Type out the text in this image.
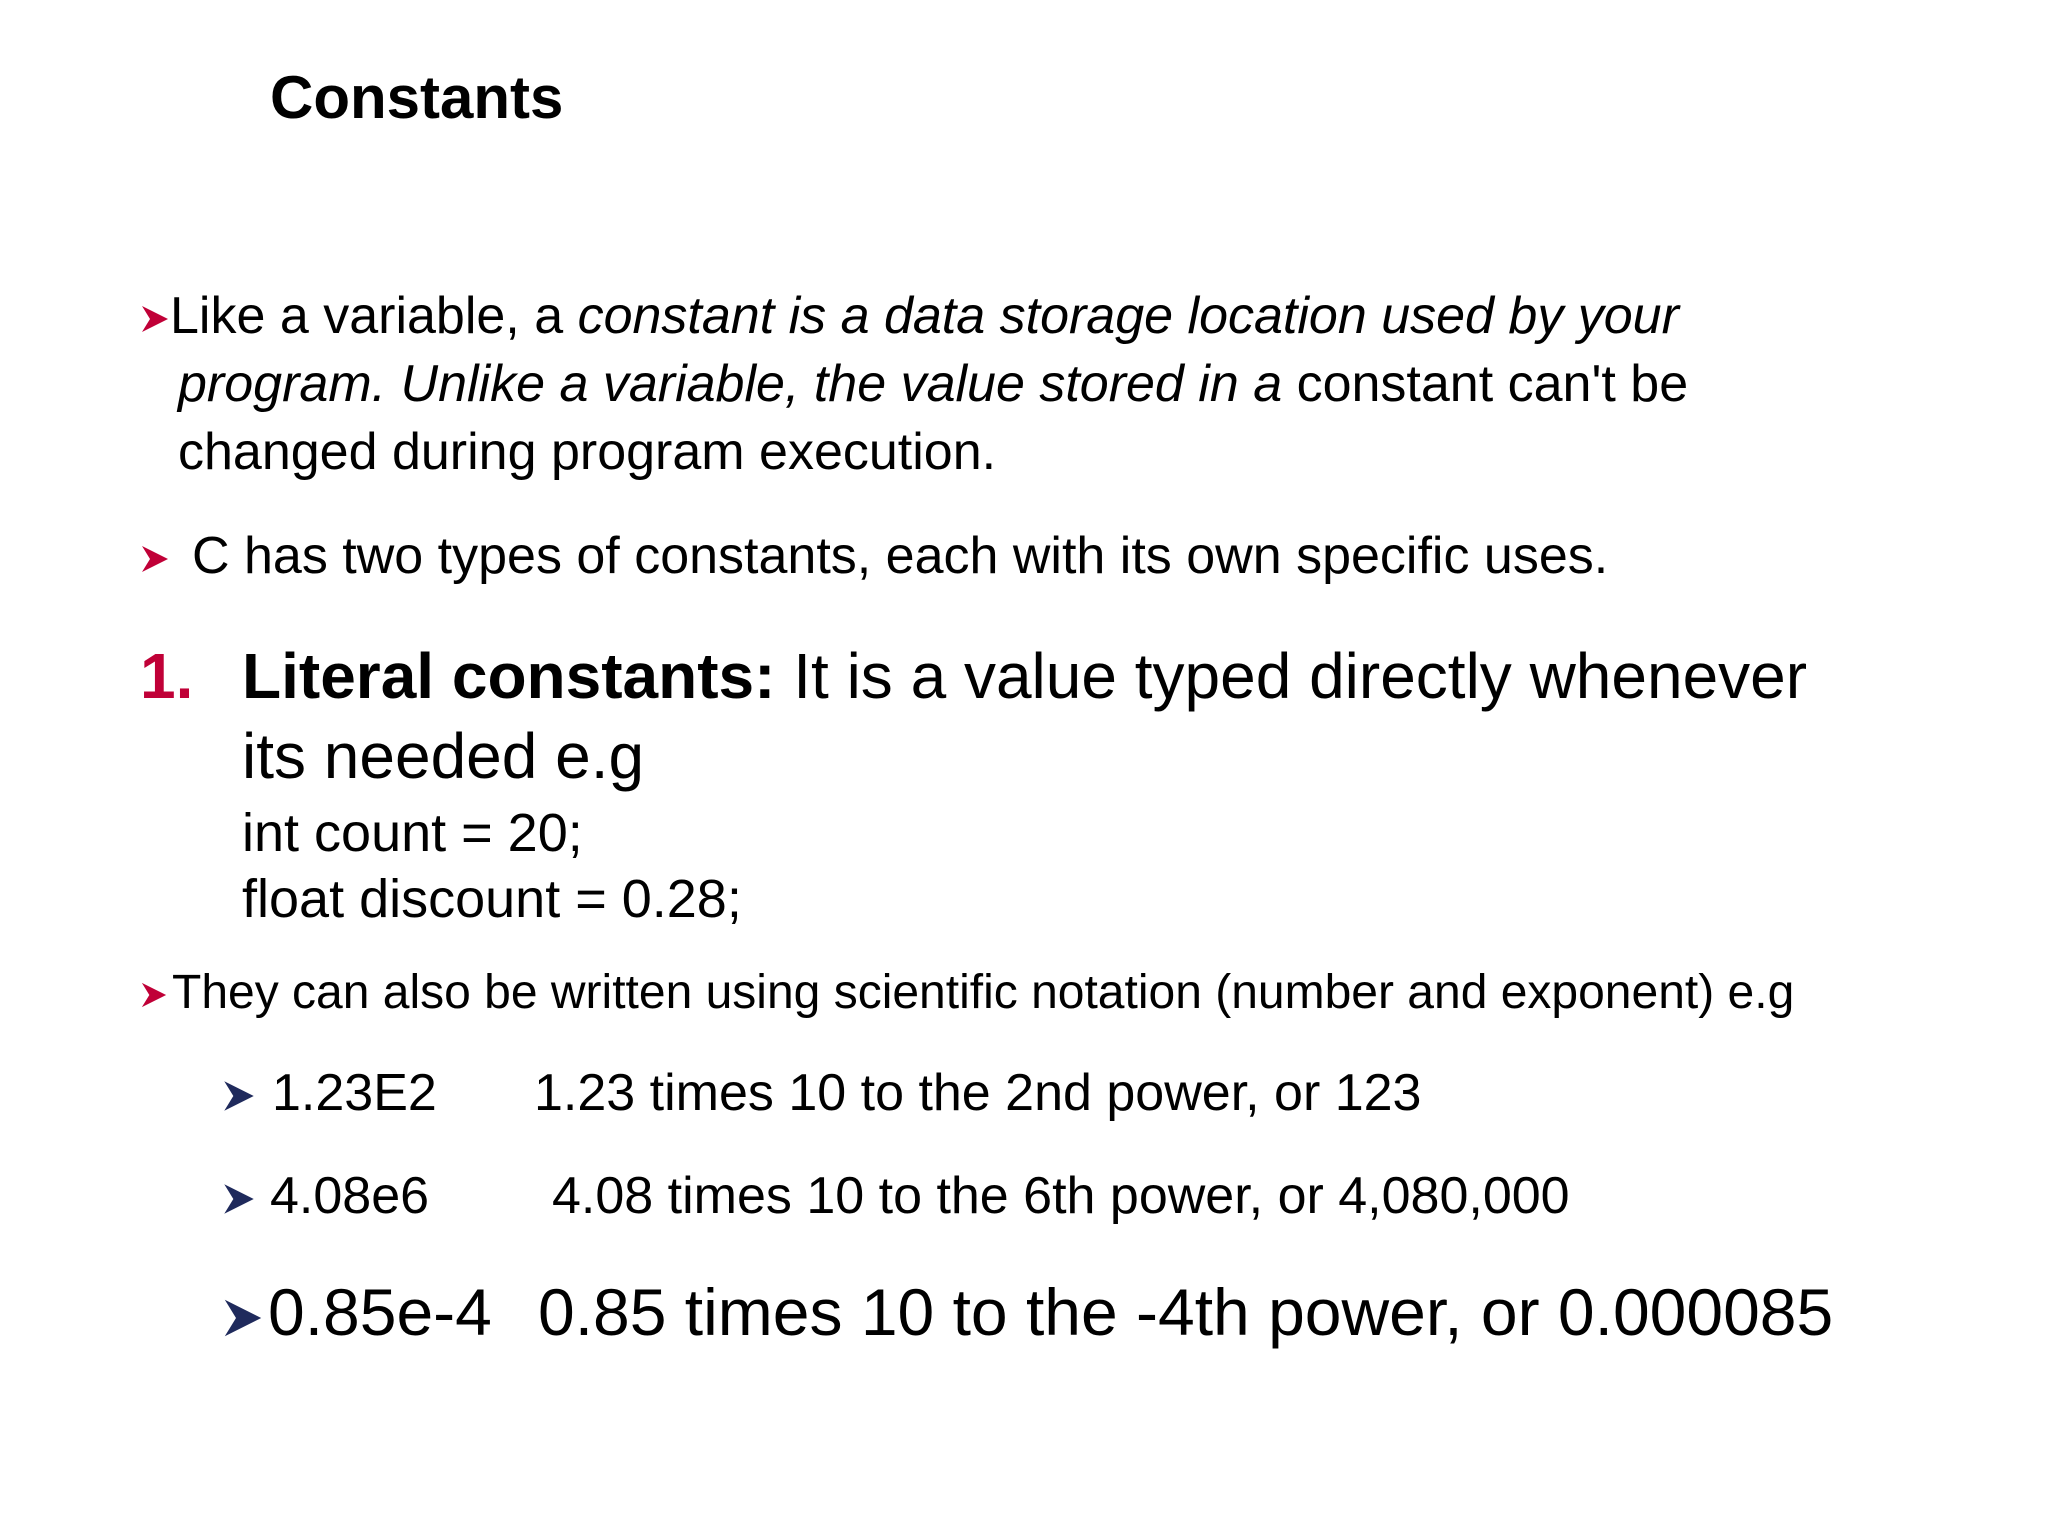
Constants
Like a variable, a constant is a data storage location used by your
program. Unlike a variable, the value stored in a constant can't be
changed during program execution.
C has two types of constants, each with its own specific uses.
1. Literal constants: It is a value typed directly whenever
its needed e.g
int count = 20;
float discount = 0.28;
They can also be written using scientific notation (number and exponent) e.g
1.23E2 1.23 times 10 to the 2nd power, or 123
4.08e6 4.08 times 10 to the 6th power, or 4,080,000
0.85e-4 0.85 times 10 to the -4th power, or 0.000085
